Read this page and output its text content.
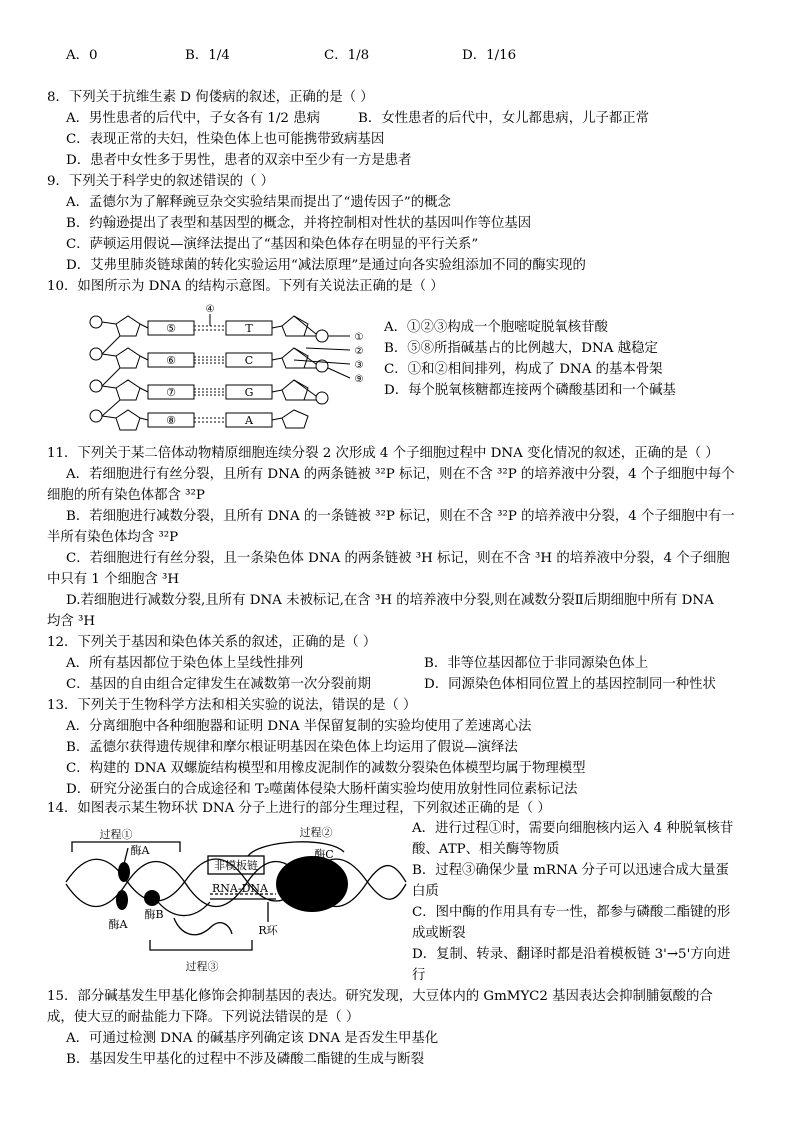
A．0	B．1/4	C．1/8	D．1/16
8．下列关于抗维生素 D 佝偻病的叙述，正确的是（ ）
A．男性患者的后代中，子女各有 1/2 患病	B．女性患者的后代中，女儿都患病，儿子都正常
C．表现正常的夫妇，性染色体上也可能携带致病基因
D．患者中女性多于男性，患者的双亲中至少有一方是患者
9．下列关于科学史的叙述错误的（ ）
A．孟德尔为了解释豌豆杂交实验结果而提出了“遗传因子”的概念
B．约翰逊提出了表型和基因型的概念，并将控制相对性状的基因叫作等位基因
C．萨顿运用假说—演绎法提出了“基因和染色体存在明显的平行关系”
D．艾弗里肺炎链球菌的转化实验运用“减法原理”是通过向各实验组添加不同的酶实现的
10．如图所示为 DNA 的结构示意图。下列有关说法正确的是（ ）
⑤
⑥
⑦
⑧
T
C
G
A
④
①
②
③
⑨
A．①②③构成一个胞嘧啶脱氧核苷酸
B．⑤⑧所指碱基占的比例越大，DNA 越稳定
C．①和②相间排列，构成了 DNA 的基本骨架
D．每个脱氧核糖都连接两个磷酸基团和一个碱基
11．下列关于某二倍体动物精原细胞连续分裂 2 次形成 4 个子细胞过程中 DNA 变化情况的叙述，正确的是（ ）
A．若细胞进行有丝分裂，且所有 DNA 的两条链被 ³²P 标记，则在不含 ³²P 的培养液中分裂，4 个子细胞中每个
细胞的所有染色体都含 ³²P
B．若细胞进行减数分裂，且所有 DNA 的一条链被 ³²P 标记，则在不含 ³²P 的培养液中分裂，4 个子细胞中有一
半所有染色体均含 ³²P
C．若细胞进行有丝分裂，且一条染色体 DNA 的两条链被 ³H 标记，则在不含 ³H 的培养液中分裂，4 个子细胞
中只有 1 个细胞含 ³H
D.若细胞进行减数分裂,且所有 DNA 未被标记,在含 ³H 的培养液中分裂,则在减数分裂Ⅱ后期细胞中所有 DNA
均含 ³H
12．下列关于基因和染色体关系的叙述，正确的是（ ）
A．所有基因都位于染色体上呈线性排列	B．非等位基因都位于非同源染色体上
C．基因的自由组合定律发生在减数第一次分裂前期	D．同源染色体相同位置上的基因控制同一种性状
13．下列关于生物科学方法和相关实验的说法，错误的是（ ）
A．分离细胞中各种细胞器和证明 DNA 半保留复制的实验均使用了差速离心法
B．孟德尔获得遗传规律和摩尔根证明基因在染色体上均运用了假说—演绎法
C．构建的 DNA 双螺旋结构模型和用橡皮泥制作的减数分裂染色体模型均属于物理模型
D．研究分泌蛋白的合成途径和 T₂噬菌体侵染大肠杆菌实验均使用放射性同位素标记法
14．如图表示某生物环状 DNA 分子上进行的部分生理过程，下列叙述正确的是（ ）
过程①	过程②
过程③
酶A
酶A
酶B
酶C
非模板链
RNA-DNA
R环
A．进行过程①时，需要向细胞核内运入 4 种脱氧核苷
酸、ATP、相关酶等物质
B．过程③确保少量 mRNA 分子可以迅速合成大量蛋
白质
C．图中酶的作用具有专一性，都参与磷酸二酯键的形
成或断裂
D．复制、转录、翻译时都是沿着模板链 3'→5'方向进
行
15．部分碱基发生甲基化修饰会抑制基因的表达。研究发现，大豆体内的 GmMYC2 基因表达会抑制脯氨酸的合
成，使大豆的耐盐能力下降。下列说法错误的是（ ）
A．可通过检测 DNA 的碱基序列确定该 DNA 是否发生甲基化
B．基因发生甲基化的过程中不涉及磷酸二酯键的生成与断裂
